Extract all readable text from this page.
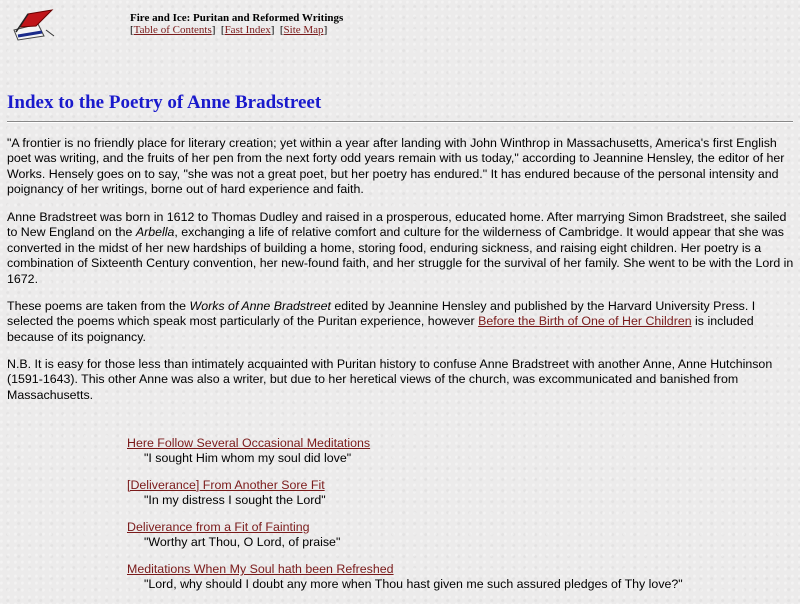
Fire and Ice: Puritan and Reformed Writings
[Table of Contents]  [Fast Index]  [Site Map]
Index to the Poetry of Anne Bradstreet

"A frontier is no friendly place for literary creation; yet within a year after landing with John Winthrop in Massachusetts, America's first English poet was writing, and the fruits of her pen from the next forty odd years remain with us today," according to Jeannine Hensley, the editor of her Works. Hensely goes on to say, "she was not a great poet, but her poetry has endured." It has endured because of the personal intensity and poignancy of her writings, borne out of hard experience and faith.

Anne Bradstreet was born in 1612 to Thomas Dudley and raised in a prosperous, educated home. After marrying Simon Bradstreet, she sailed to New England on the Arbella, exchanging a life of relative comfort and culture for the wilderness of Cambridge. It would appear that she was converted in the midst of her new hardships of building a home, storing food, enduring sickness, and raising eight children. Her poetry is a combination of Sixteenth Century convention, her new-found faith, and her struggle for the survival of her family. She went to be with the Lord in 1672.

These poems are taken from the Works of Anne Bradstreet edited by Jeannine Hensley and published by the Harvard University Press. I selected the poems which speak most particularly of the Puritan experience, however Before the Birth of One of Her Children is included because of its poignancy.

N.B. It is easy for those less than intimately acquainted with Puritan history to confuse Anne Bradstreet with another Anne, Anne Hutchinson (1591-1643). This other Anne was also a writer, but due to her heretical views of the church, was excommunicated and banished from Massachusetts.

Here Follow Several Occasional Meditations
"I sought Him whom my soul did love"
[Deliverance] From Another Sore Fit
"In my distress I sought the Lord"
Deliverance from a Fit of Fainting
"Worthy art Thou, O Lord, of praise"
Meditations When My Soul hath been Refreshed
"Lord, why should I doubt any more when Thou hast given me such assured pledges of Thy love?"
